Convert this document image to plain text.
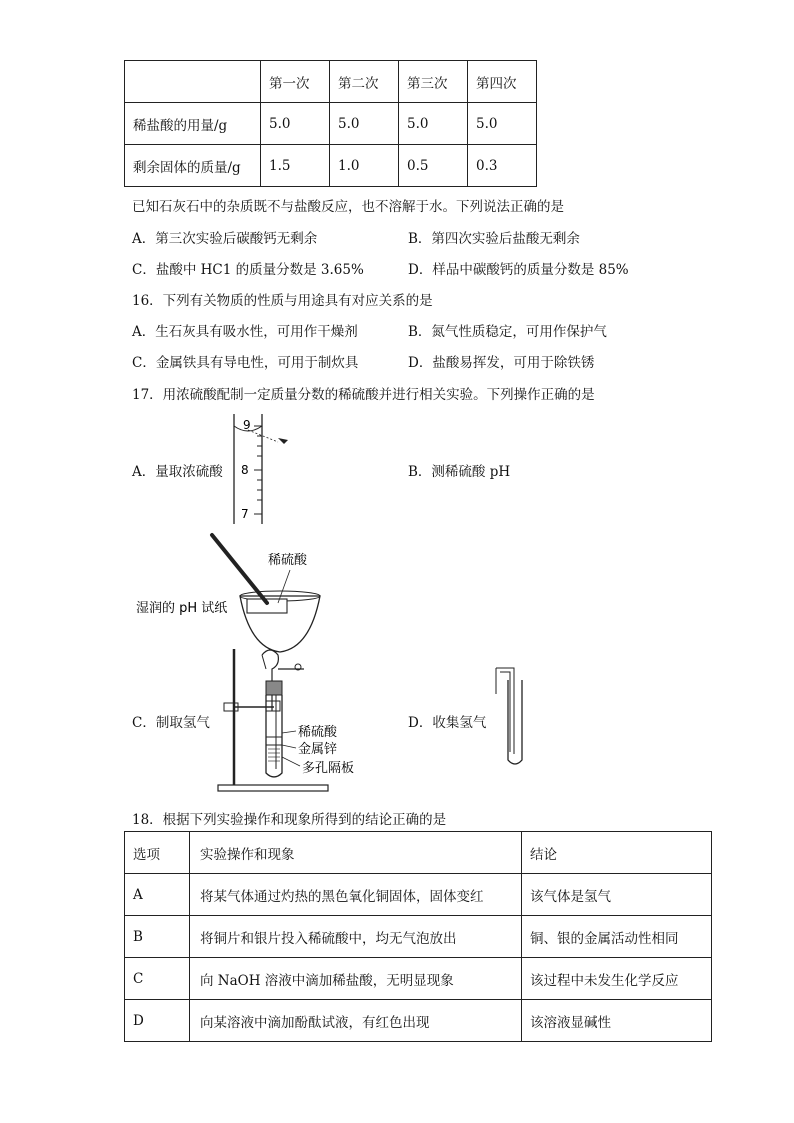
	第一次	第二次	第三次	第四次
稀盐酸的用量/g	5.0	5.0	5.0	5.0
剩余固体的质量/g	1.5	1.0	0.5	0.3
已知石灰石中的杂质既不与盐酸反应，也不溶解于水。下列说法正确的是
A．第三次实验后碳酸钙无剩余	B．第四次实验后盐酸无剩余
C．盐酸中 HC1 的质量分数是 3.65%	D．样品中碳酸钙的质量分数是 85%
16．下列有关物质的性质与用途具有对应关系的是
A．生石灰具有吸水性，可用作干燥剂	B．氮气性质稳定，可用作保护气
C．金属铁具有导电性，可用于制炊具	D．盐酸易挥发，可用于除铁锈
17．用浓硫酸配制一定质量分数的稀硫酸并进行相关实验。下列操作正确的是
A．量取浓硫酸	B．测稀硫酸 pH
9
8
7
稀硫酸
湿润的 pH 试纸
C．制取氢气	D．收集氢气
稀硫酸
金属锌
多孔隔板
18．根据下列实验操作和现象所得到的结论正确的是
选项	实验操作和现象	结论
A	将某气体通过灼热的黑色氧化铜固体，固体变红	该气体是氢气
B	将铜片和银片投入稀硫酸中，均无气泡放出	铜、银的金属活动性相同
C	向 NaOH 溶液中滴加稀盐酸，无明显现象	该过程中未发生化学反应
D	向某溶液中滴加酚酞试液，有红色出现	该溶液显碱性
